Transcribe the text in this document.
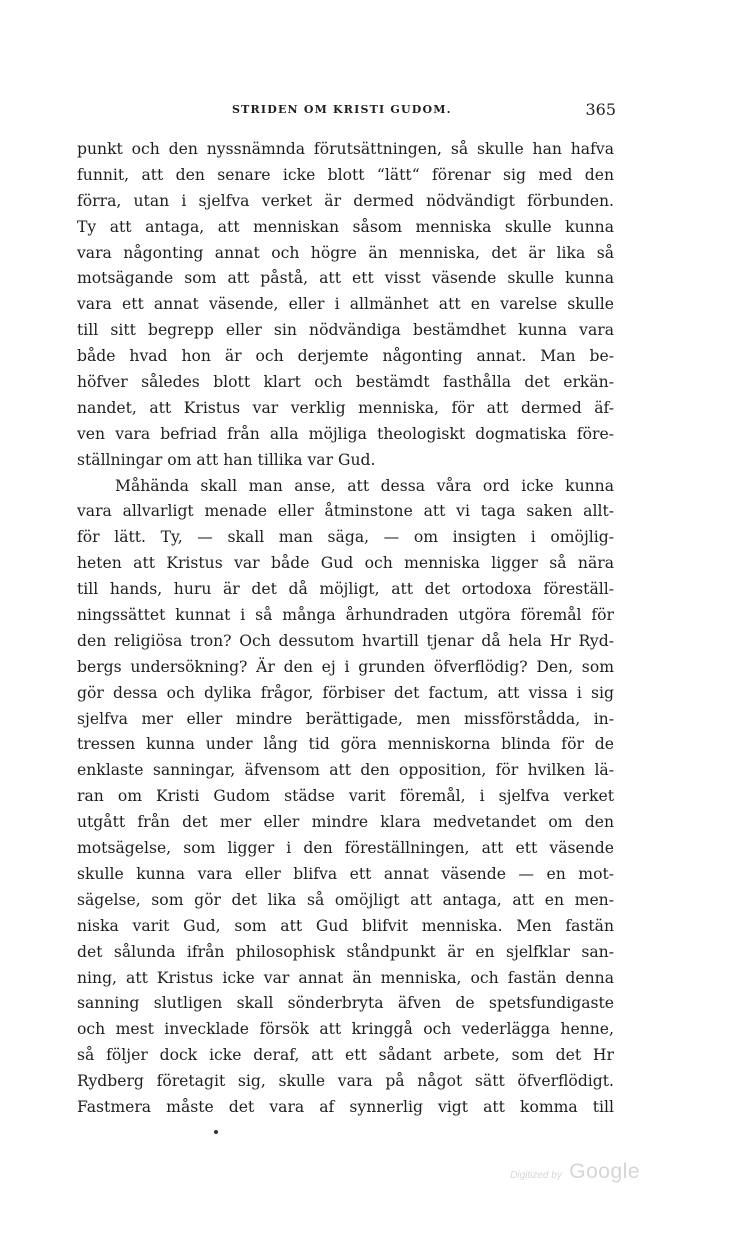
STRIDEN OM KRISTI GUDOM.	365
punkt och den nyssnämnda förutsättningen, så skulle han hafva
funnit, att den senare icke blott “lätt“ förenar sig med den
förra, utan i sjelfva verket är dermed nödvändigt förbunden.
Ty att antaga, att menniskan såsom menniska skulle kunna
vara någonting annat och högre än menniska, det är lika så
motsägande som att påstå, att ett visst väsende skulle kunna
vara ett annat väsende, eller i allmänhet att en varelse skulle
till sitt begrepp eller sin nödvändiga bestämdhet kunna vara
både hvad hon är och derjemte någonting annat. Man be-
höfver således blott klart och bestämdt fasthålla det erkän-
nandet, att Kristus var verklig menniska, för att dermed äf-
ven vara befriad från alla möjliga theologiskt dogmatiska före-
ställningar om att han tillika var Gud.
Måhända skall man anse, att dessa våra ord icke kunna
vara allvarligt menade eller åtminstone att vi taga saken allt-
för lätt. Ty, — skall man säga, — om insigten i omöjlig-
heten att Kristus var både Gud och menniska ligger så nära
till hands, huru är det då möjligt, att det ortodoxa föreställ-
ningssättet kunnat i så många århundraden utgöra föremål för
den religiösa tron? Och dessutom hvartill tjenar då hela Hr Ryd-
bergs undersökning? Är den ej i grunden öfverflödig? Den, som
gör dessa och dylika frågor, förbiser det factum, att vissa i sig
sjelfva mer eller mindre berättigade, men missförstådda, in-
tressen kunna under lång tid göra menniskorna blinda för de
enklaste sanningar, äfvensom att den opposition, för hvilken lä-
ran om Kristi Gudom städse varit föremål, i sjelfva verket
utgått från det mer eller mindre klara medvetandet om den
motsägelse, som ligger i den föreställningen, att ett väsende
skulle kunna vara eller blifva ett annat väsende — en mot-
sägelse, som gör det lika så omöjligt att antaga, att en men-
niska varit Gud, som att Gud blifvit menniska. Men fastän
det sålunda ifrån philosophisk ståndpunkt är en sjelfklar san-
ning, att Kristus icke var annat än menniska, och fastän denna
sanning slutligen skall sönderbryta äfven de spetsfundigaste
och mest invecklade försök att kringgå och vederlägga henne,
så följer dock icke deraf, att ett sådant arbete, som det Hr
Rydberg företagit sig, skulle vara på något sätt öfverflödigt.
Fastmera måste det vara af synnerlig vigt att komma till
Digitized by Google
